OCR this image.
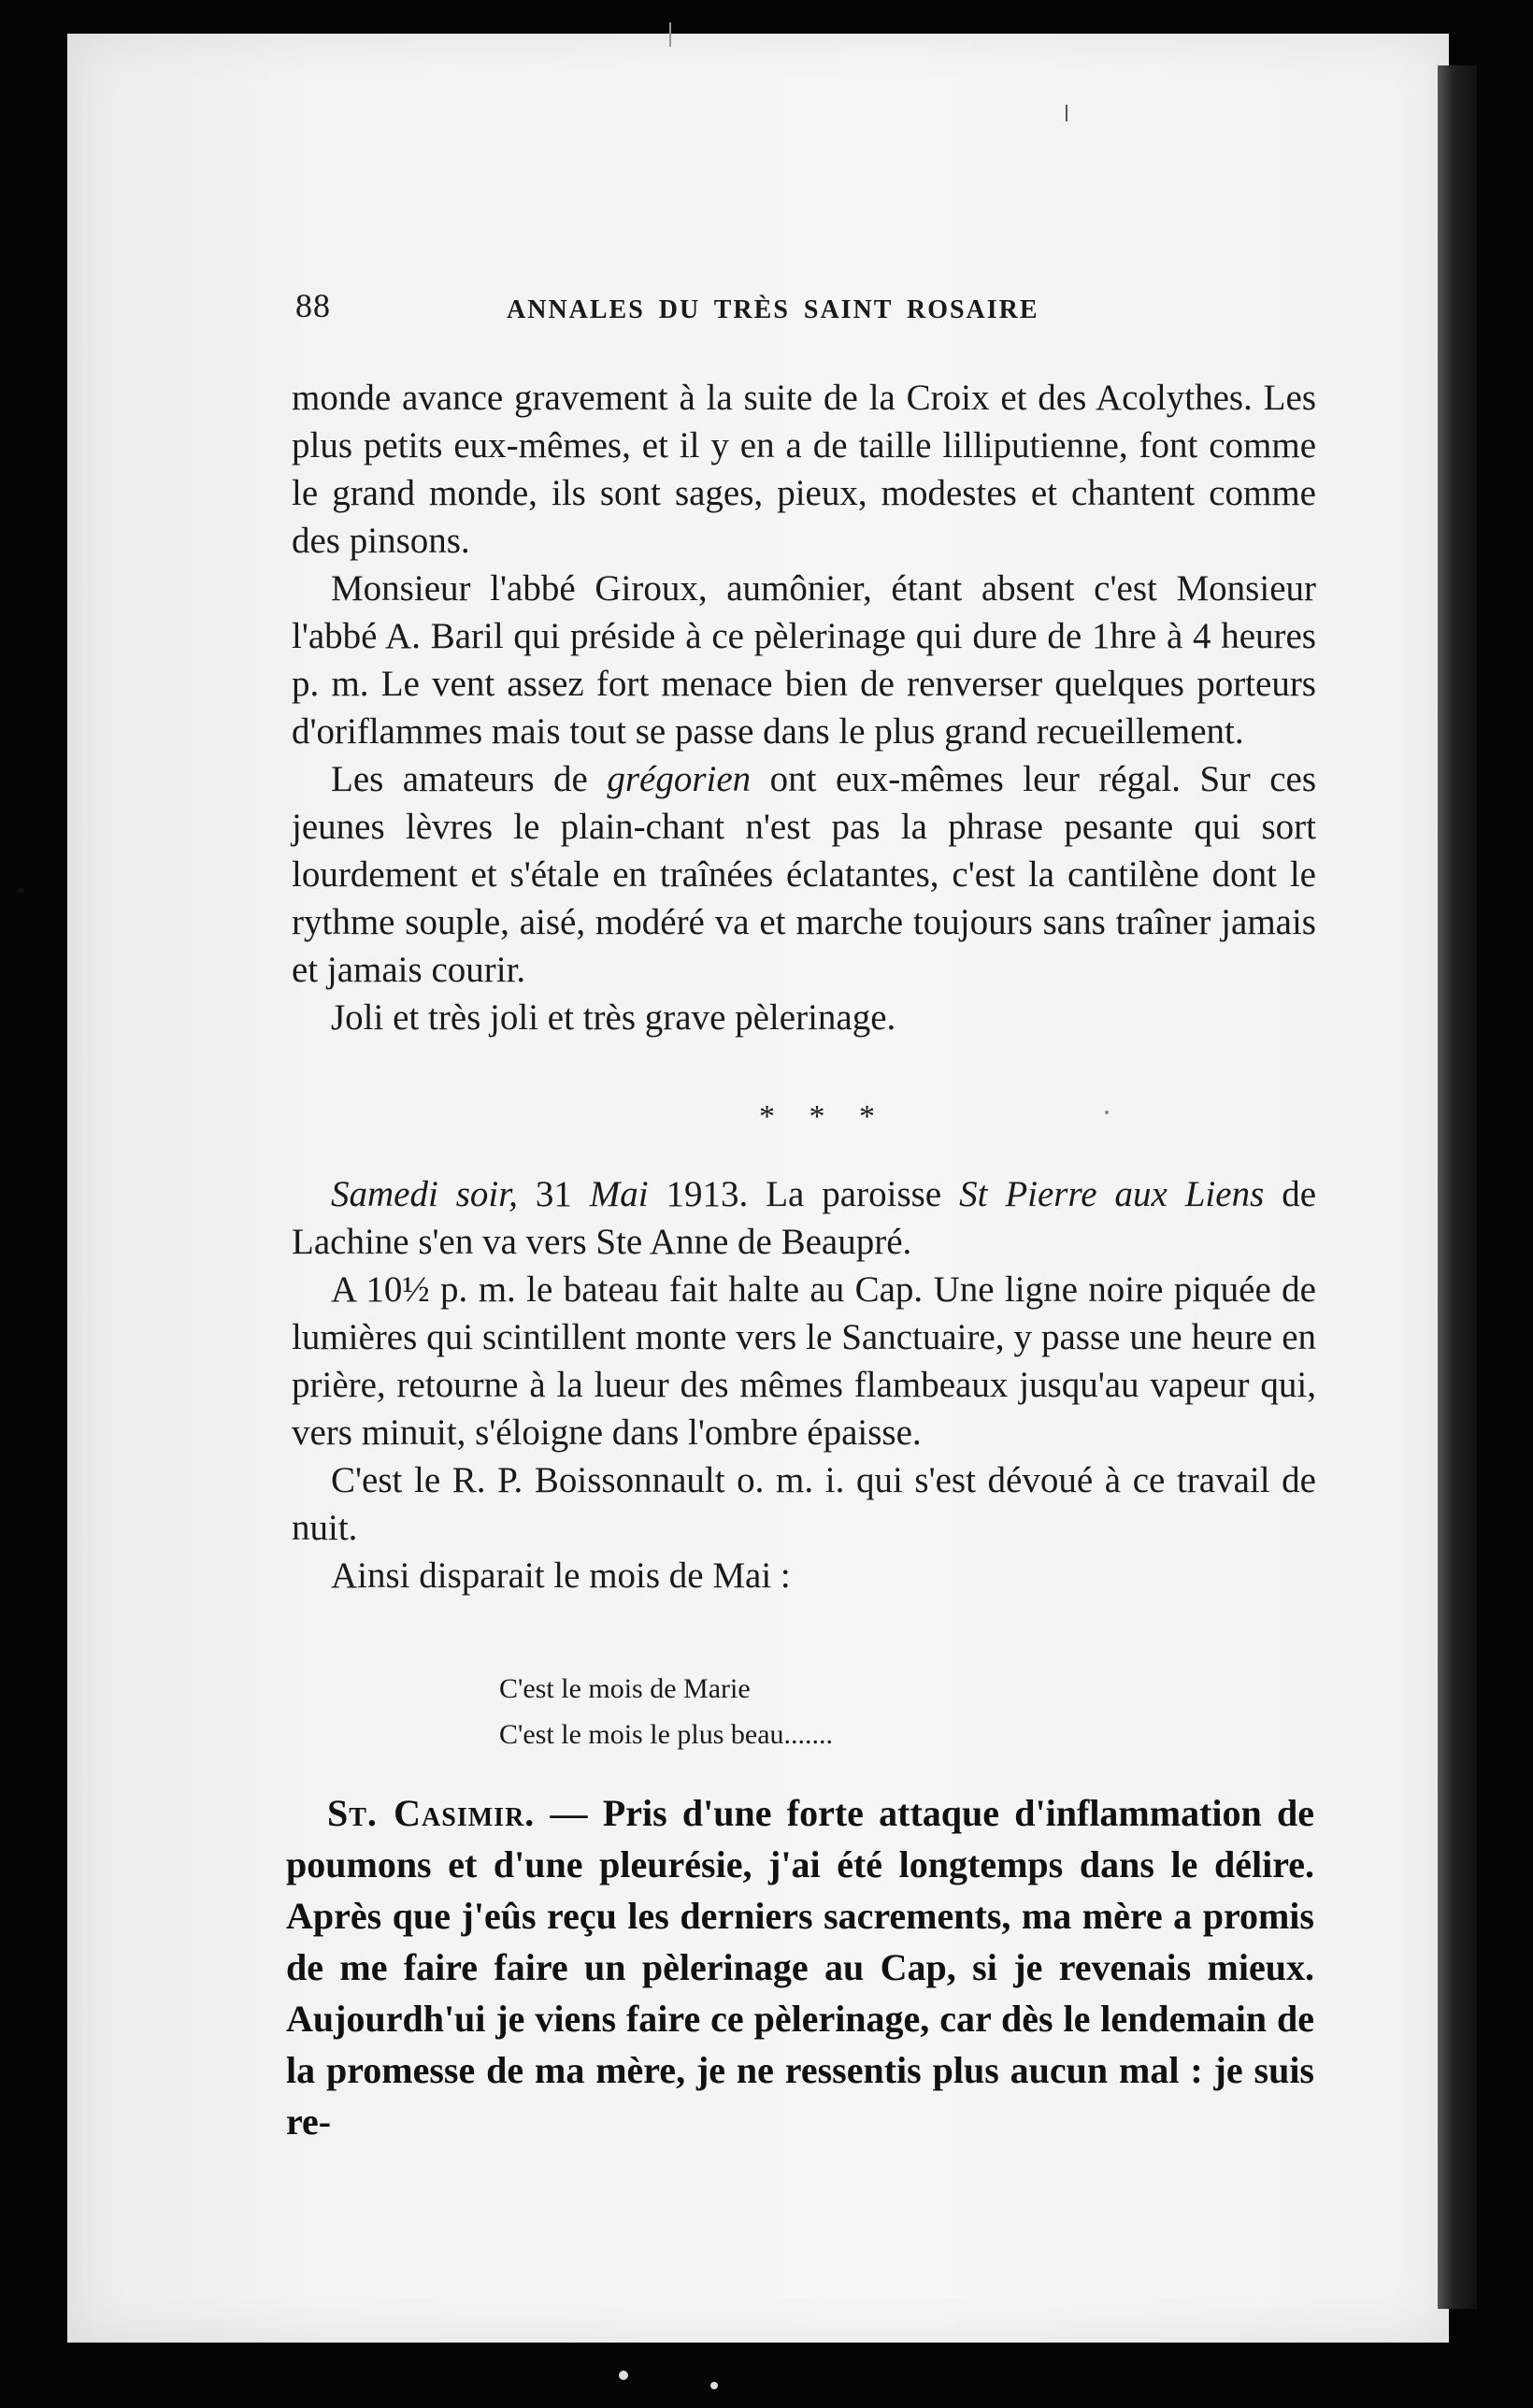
88	ANNALES DU TRÈS SAINT ROSAIRE

monde avance gravement à la suite de la Croix et des Acolythes. Les plus petits eux-mêmes, et il y en a de taille lilliputienne, font comme le grand monde, ils sont sages, pieux, modestes et chantent comme des pinsons.

Monsieur l'abbé Giroux, aumônier, étant absent c'est Monsieur l'abbé A. Baril qui préside à ce pèlerinage qui dure de 1hre à 4 heures p. m. Le vent assez fort menace bien de renverser quelques porteurs d'oriflammes mais tout se passe dans le plus grand recueillement.

Les amateurs de grégorien ont eux-mêmes leur régal. Sur ces jeunes lèvres le plain-chant n'est pas la phrase pesante qui sort lourdement et s'étale en traînées éclatantes, c'est la cantilène dont le rythme souple, aisé, modéré va et marche toujours sans traîner jamais et jamais courir.

Joli et très joli et très grave pèlerinage.

* * *

Samedi soir, 31 Mai 1913. La paroisse St Pierre aux Liens de Lachine s'en va vers Ste Anne de Beaupré.

A 10½ p. m. le bateau fait halte au Cap. Une ligne noire piquée de lumières qui scintillent monte vers le Sanctuaire, y passe une heure en prière, retourne à la lueur des mêmes flambeaux jusqu'au vapeur qui, vers minuit, s'éloigne dans l'ombre épaisse.

C'est le R. P. Boissonnault o. m. i. qui s'est dévoué à ce travail de nuit.

Ainsi disparait le mois de Mai :

C'est le mois de Marie
C'est le mois le plus beau.......

St. Casimir. — Pris d'une forte attaque d'inflammation de poumons et d'une pleurésie, j'ai été longtemps dans le délire. Après que j'eûs reçu les derniers sacrements, ma mère a promis de me faire faire un pèlerinage au Cap, si je revenais mieux. Aujourdh'ui je viens faire ce pèlerinage, car dès le lendemain de la promesse de ma mère, je ne ressentis plus aucun mal : je suis re-
